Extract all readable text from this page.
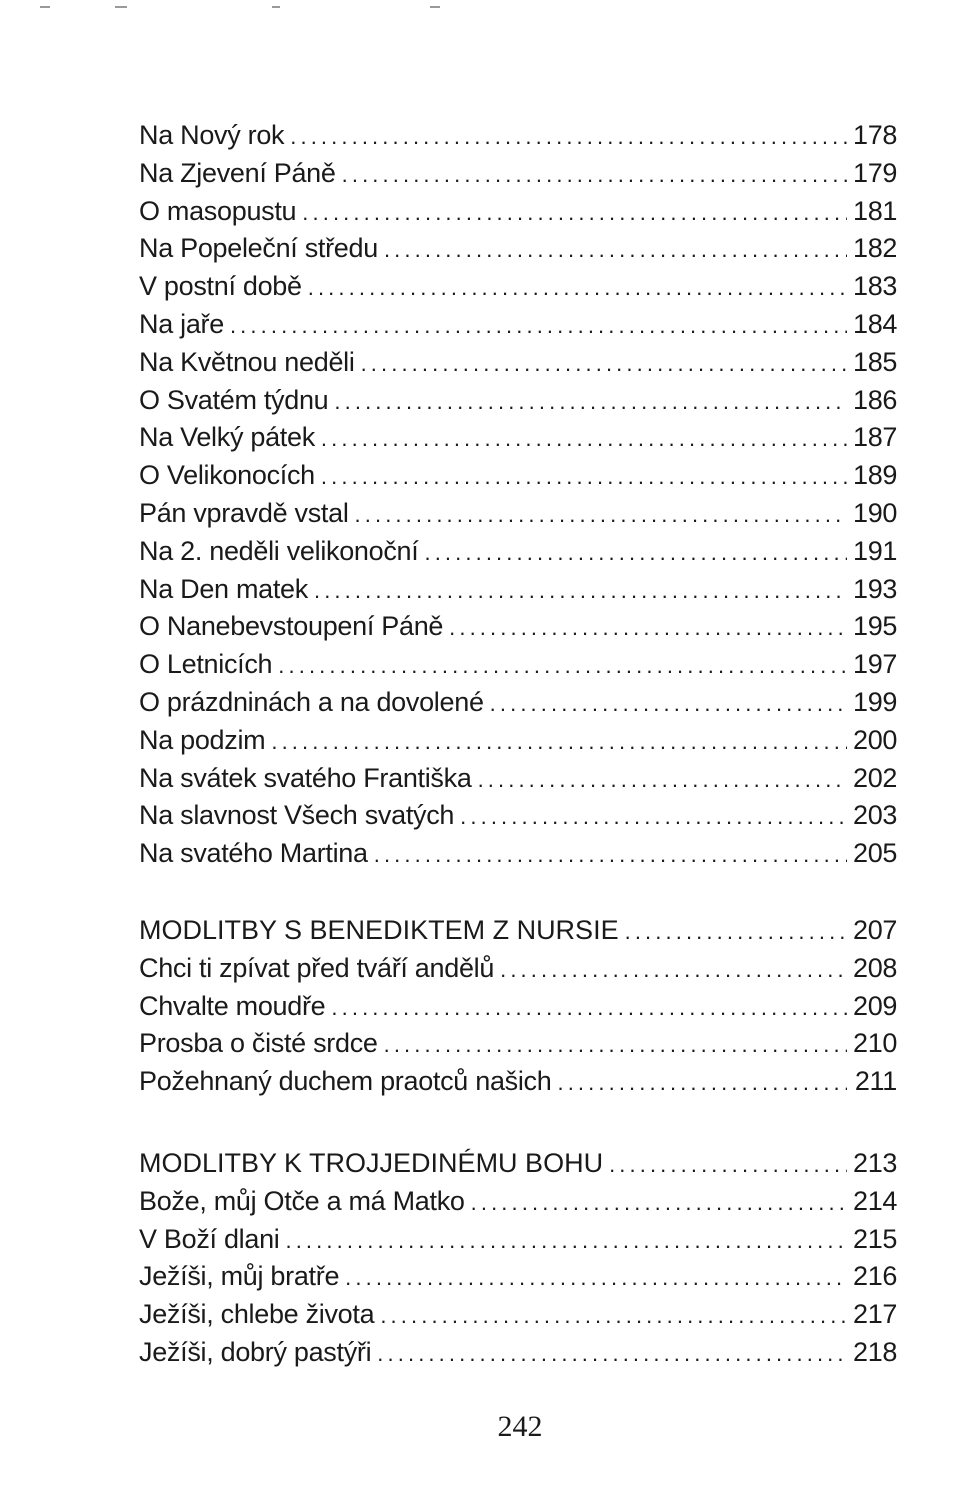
Na Nový rok . . .	178
Na Zjevení Páně . . .	179
O masopustu . . .	181
Na Popeleční středu . . .	182
V postní době . . .	183
Na jaře . . .	184
Na Květnou neděli . . .	185
O Svatém týdnu . . .	186
Na Velký pátek . . .	187
O Velikonocích . . .	189
Pán vpravdě vstal . . .	190
Na 2. neděli velikonoční . . .	191
Na Den matek . . .	193
O Nanebevstoupení Páně . . .	195
O Letnicích . . .	197
O prázdninách a na dovolené . . .	199
Na podzim . . .	200
Na svátek svatého Františka . . .	202
Na slavnost Všech svatých . . .	203
Na svatého Martina . . .	205
MODLITBY S BENEDIKTEM Z NURSIE . . .	207
Chci ti zpívat před tváří andělů . . .	208
Chvalte moudře . . .	209
Prosba o čisté srdce . . .	210
Požehnaný duchem praotců našich . . .	211
MODLITBY K TROJJEDINÉMU BOHU . . .	213
Bože, můj Otče a má Matko . . .	214
V Boží dlani . . .	215
Ježíši, můj bratře . . .	216
Ježíši, chlebe života . . .	217
Ježíši, dobrý pastýři . . .	218
242
